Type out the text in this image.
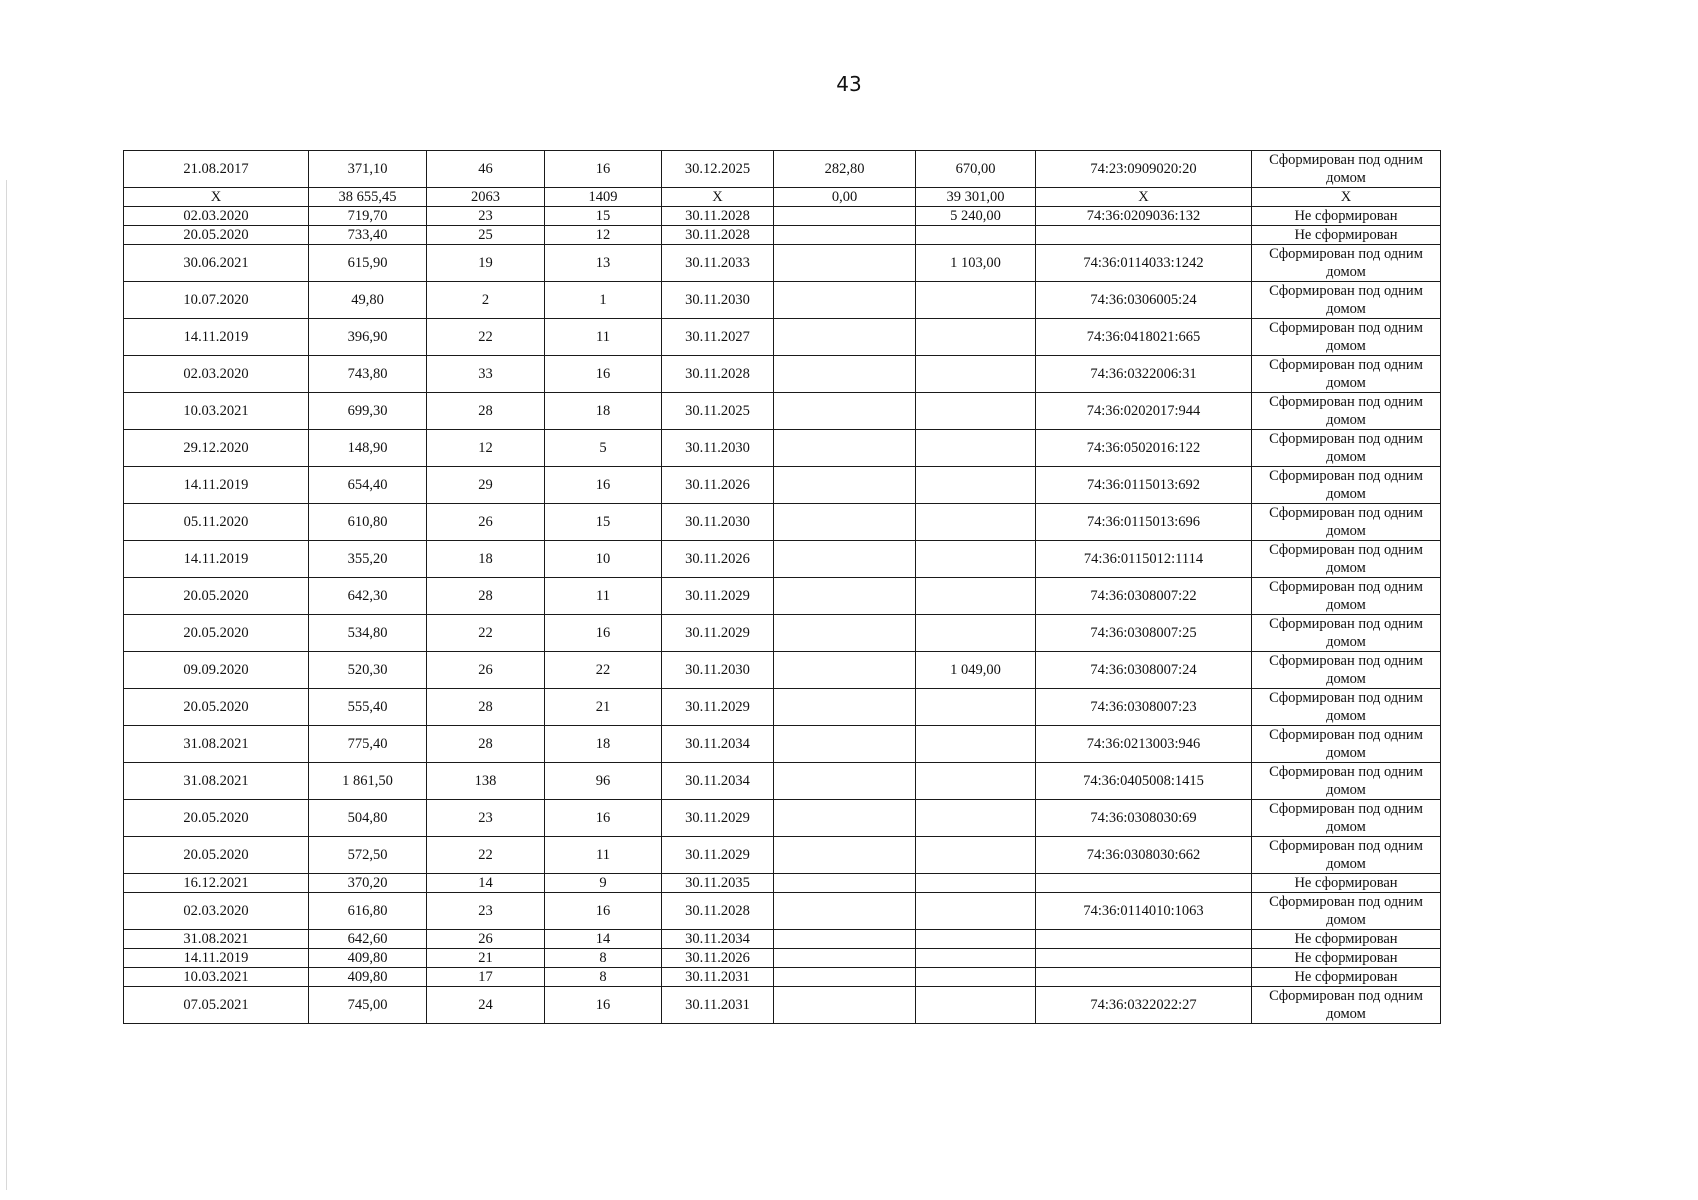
43
21.08.2017	371,10	46	16	30.12.2025	282,80	670,00	74:23:0909020:20	Сформирован под одним домом
X	38 655,45	2063	1409	X	0,00	39 301,00	X	X
02.03.2020	719,70	23	15	30.11.2028		5 240,00	74:36:0209036:132	Не сформирован
20.05.2020	733,40	25	12	30.11.2028				Не сформирован
30.06.2021	615,90	19	13	30.11.2033		1 103,00	74:36:0114033:1242	Сформирован под одним домом
10.07.2020	49,80	2	1	30.11.2030			74:36:0306005:24	Сформирован под одним домом
14.11.2019	396,90	22	11	30.11.2027			74:36:0418021:665	Сформирован под одним домом
02.03.2020	743,80	33	16	30.11.2028			74:36:0322006:31	Сформирован под одним домом
10.03.2021	699,30	28	18	30.11.2025			74:36:0202017:944	Сформирован под одним домом
29.12.2020	148,90	12	5	30.11.2030			74:36:0502016:122	Сформирован под одним домом
14.11.2019	654,40	29	16	30.11.2026			74:36:0115013:692	Сформирован под одним домом
05.11.2020	610,80	26	15	30.11.2030			74:36:0115013:696	Сформирован под одним домом
14.11.2019	355,20	18	10	30.11.2026			74:36:0115012:1114	Сформирован под одним домом
20.05.2020	642,30	28	11	30.11.2029			74:36:0308007:22	Сформирован под одним домом
20.05.2020	534,80	22	16	30.11.2029			74:36:0308007:25	Сформирован под одним домом
09.09.2020	520,30	26	22	30.11.2030		1 049,00	74:36:0308007:24	Сформирован под одним домом
20.05.2020	555,40	28	21	30.11.2029			74:36:0308007:23	Сформирован под одним домом
31.08.2021	775,40	28	18	30.11.2034			74:36:0213003:946	Сформирован под одним домом
31.08.2021	1 861,50	138	96	30.11.2034			74:36:0405008:1415	Сформирован под одним домом
20.05.2020	504,80	23	16	30.11.2029			74:36:0308030:69	Сформирован под одним домом
20.05.2020	572,50	22	11	30.11.2029			74:36:0308030:662	Сформирован под одним домом
16.12.2021	370,20	14	9	30.11.2035				Не сформирован
02.03.2020	616,80	23	16	30.11.2028			74:36:0114010:1063	Сформирован под одним домом
31.08.2021	642,60	26	14	30.11.2034				Не сформирован
14.11.2019	409,80	21	8	30.11.2026				Не сформирован
10.03.2021	409,80	17	8	30.11.2031				Не сформирован
07.05.2021	745,00	24	16	30.11.2031			74:36:0322022:27	Сформирован под одним домом
